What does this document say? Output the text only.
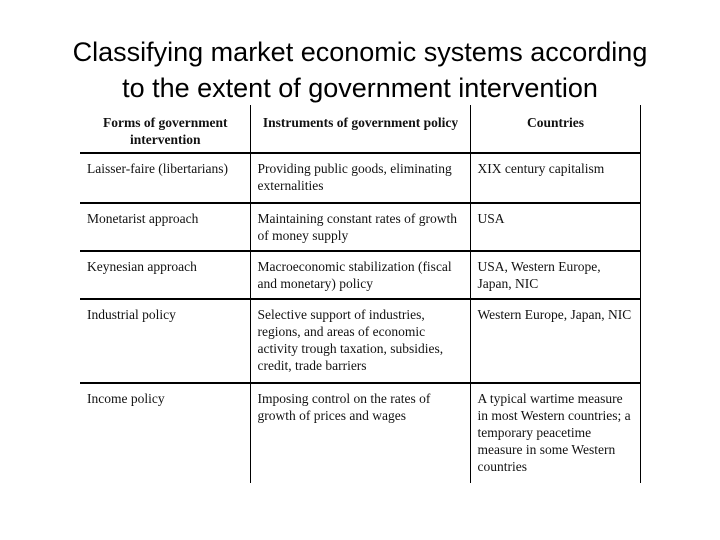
Classifying market economic systems according
to the extent of government intervention
Forms of government intervention	Instruments of government policy	Countries
Laisser-faire (libertarians)	Providing public goods, eliminating externalities	XIX century capitalism
Monetarist approach	Maintaining constant rates of growth of money supply	USA
Keynesian approach	Macroeconomic stabilization (fiscal and monetary) policy	USA, Western Europe, Japan, NIC
Industrial policy	Selective support of industries, regions, and areas of economic activity trough taxation, subsidies, credit, trade barriers	Western Europe, Japan, NIC
Income policy	Imposing control on the rates of growth of prices and wages	A typical wartime measure in most Western countries; a temporary peacetime measure in some Western countries
